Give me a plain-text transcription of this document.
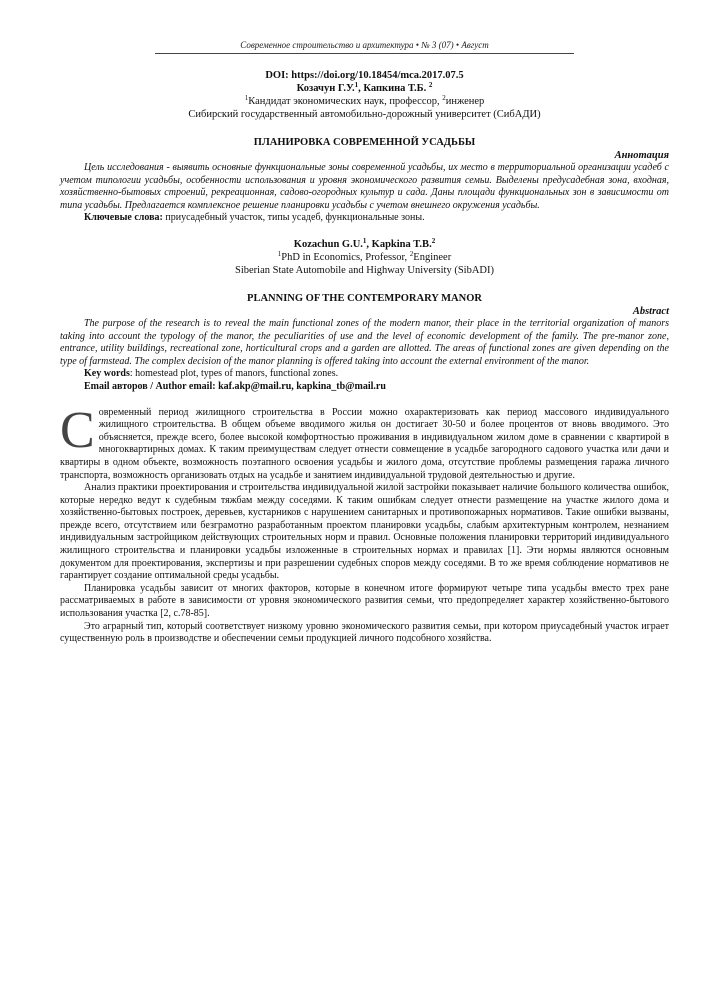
Современное строительство и архитектура • № 3 (07) • Август
DOI: https://doi.org/10.18454/mca.2017.07.5
Козачун Г.У.$^1$, Капкина Т.Б. $^2$
$^1$Кандидат экономических наук, профессор, $^2$инженер
Сибирский государственный автомобильно-дорожный университет (СибАДИ)
ПЛАНИРОВКА СОВРЕМЕННОЙ УСАДЬБЫ
Аннотация

Цель исследования - выявить основные функциональные зоны современной усадьбы, их место в территориальной организации усадеб с учетом типологии усадьбы, особенности использования и уровня экономического развития семьи. Выделены предусадебная зона, входная, хозяйственно-бытовых строений, рекреационная, садово-огородных культур и сада. Даны площади функциональных зон в зависимости от типа усадьбы. Предлагается комплексное решение планировки усадьбы с учетом внешнего окружения усадьбы.

Ключевые слова: приусадебный участок, типы усадеб, функциональные зоны.

Kozachun G.U.$^1$, Kapkina T.B.$^2$
$^1$PhD in Economics, Professor, $^2$Engineer
Siberian State Automobile and Highway University (SibADI)
PLANNING OF THE CONTEMPORARY MANOR
Abstract

The purpose of the research is to reveal the main functional zones of the modern manor, their place in the territorial organization of manors taking into account the typology of the manor, the peculiarities of use and the level of economic development of the family. The pre-manor zone, entrance, utility buildings, recreational zone, horticultural crops and a garden are allotted. The areas of functional zones are given depending on the type of farmstead. The complex decision of the manor planning is offered taking into account the external environment of the manor.

Key words: homestead plot, types of manors, functional zones.

Email авторов / Author email: kaf.akp@mail.ru, kapkina_tb@mail.ru

Современный период жилищного строительства в России можно охарактеризовать как период массового индивидуального жилищного строительства. В общем объеме вводимого жилья он достигает 30-50 и более процентов от вновь вводимого. Это объясняется, прежде всего, более высокой комфортностью проживания в индивидуальном жилом доме в сравнении с квартирой в многоквартирных домах. К таким преимуществам следует отнести совмещение в усадьбе загородного садового участка или дачи и квартиры в одном объекте, возможность поэтапного освоения усадьбы и жилого дома, отсутствие проблемы размещения гаража личного транспорта, возможность организовать отдых на усадьбе и занятием индивидуальной трудовой деятельностью и другие.

Анализ практики проектирования и строительства индивидуальной жилой застройки показывает наличие большого количества ошибок, которые нередко ведут к судебным тяжбам между соседями. К таким ошибкам следует отнести размещение на участке жилого дома и хозяйственно-бытовых построек, деревьев, кустарников с нарушением санитарных и противопожарных нормативов. Такие ошибки вызваны, прежде всего, отсутствием или безграмотно разработанным проектом планировки усадьбы, слабым архитектурным контролем, незнанием индивидуальным застройщиком действующих строительных норм и правил. Основные положения планировки территорий индивидуального жилищного строительства и планировки усадьбы изложенные в строительных нормах и правилах [1]. Эти нормы являются основным документом для проектирования, экспертизы и при разрешении судебных споров между соседями. В то же время соблюдение нормативов не гарантирует создание оптимальной среды усадьбы.

Планировка усадьбы зависит от многих факторов, которые в конечном итоге формируют четыре типа усадьбы вместо трех ране рассматриваемых в работе в зависимости от уровня экономического развития семьи, что предопределяет характер хозяйственно-бытового использования участка [2, с.78-85].

Это аграрный тип, который соответствует низкому уровню экономического развития семьи, при котором приусадебный участок играет существенную роль в производстве и обеспечении семьи продукцией личного подсобного хозяйства.
